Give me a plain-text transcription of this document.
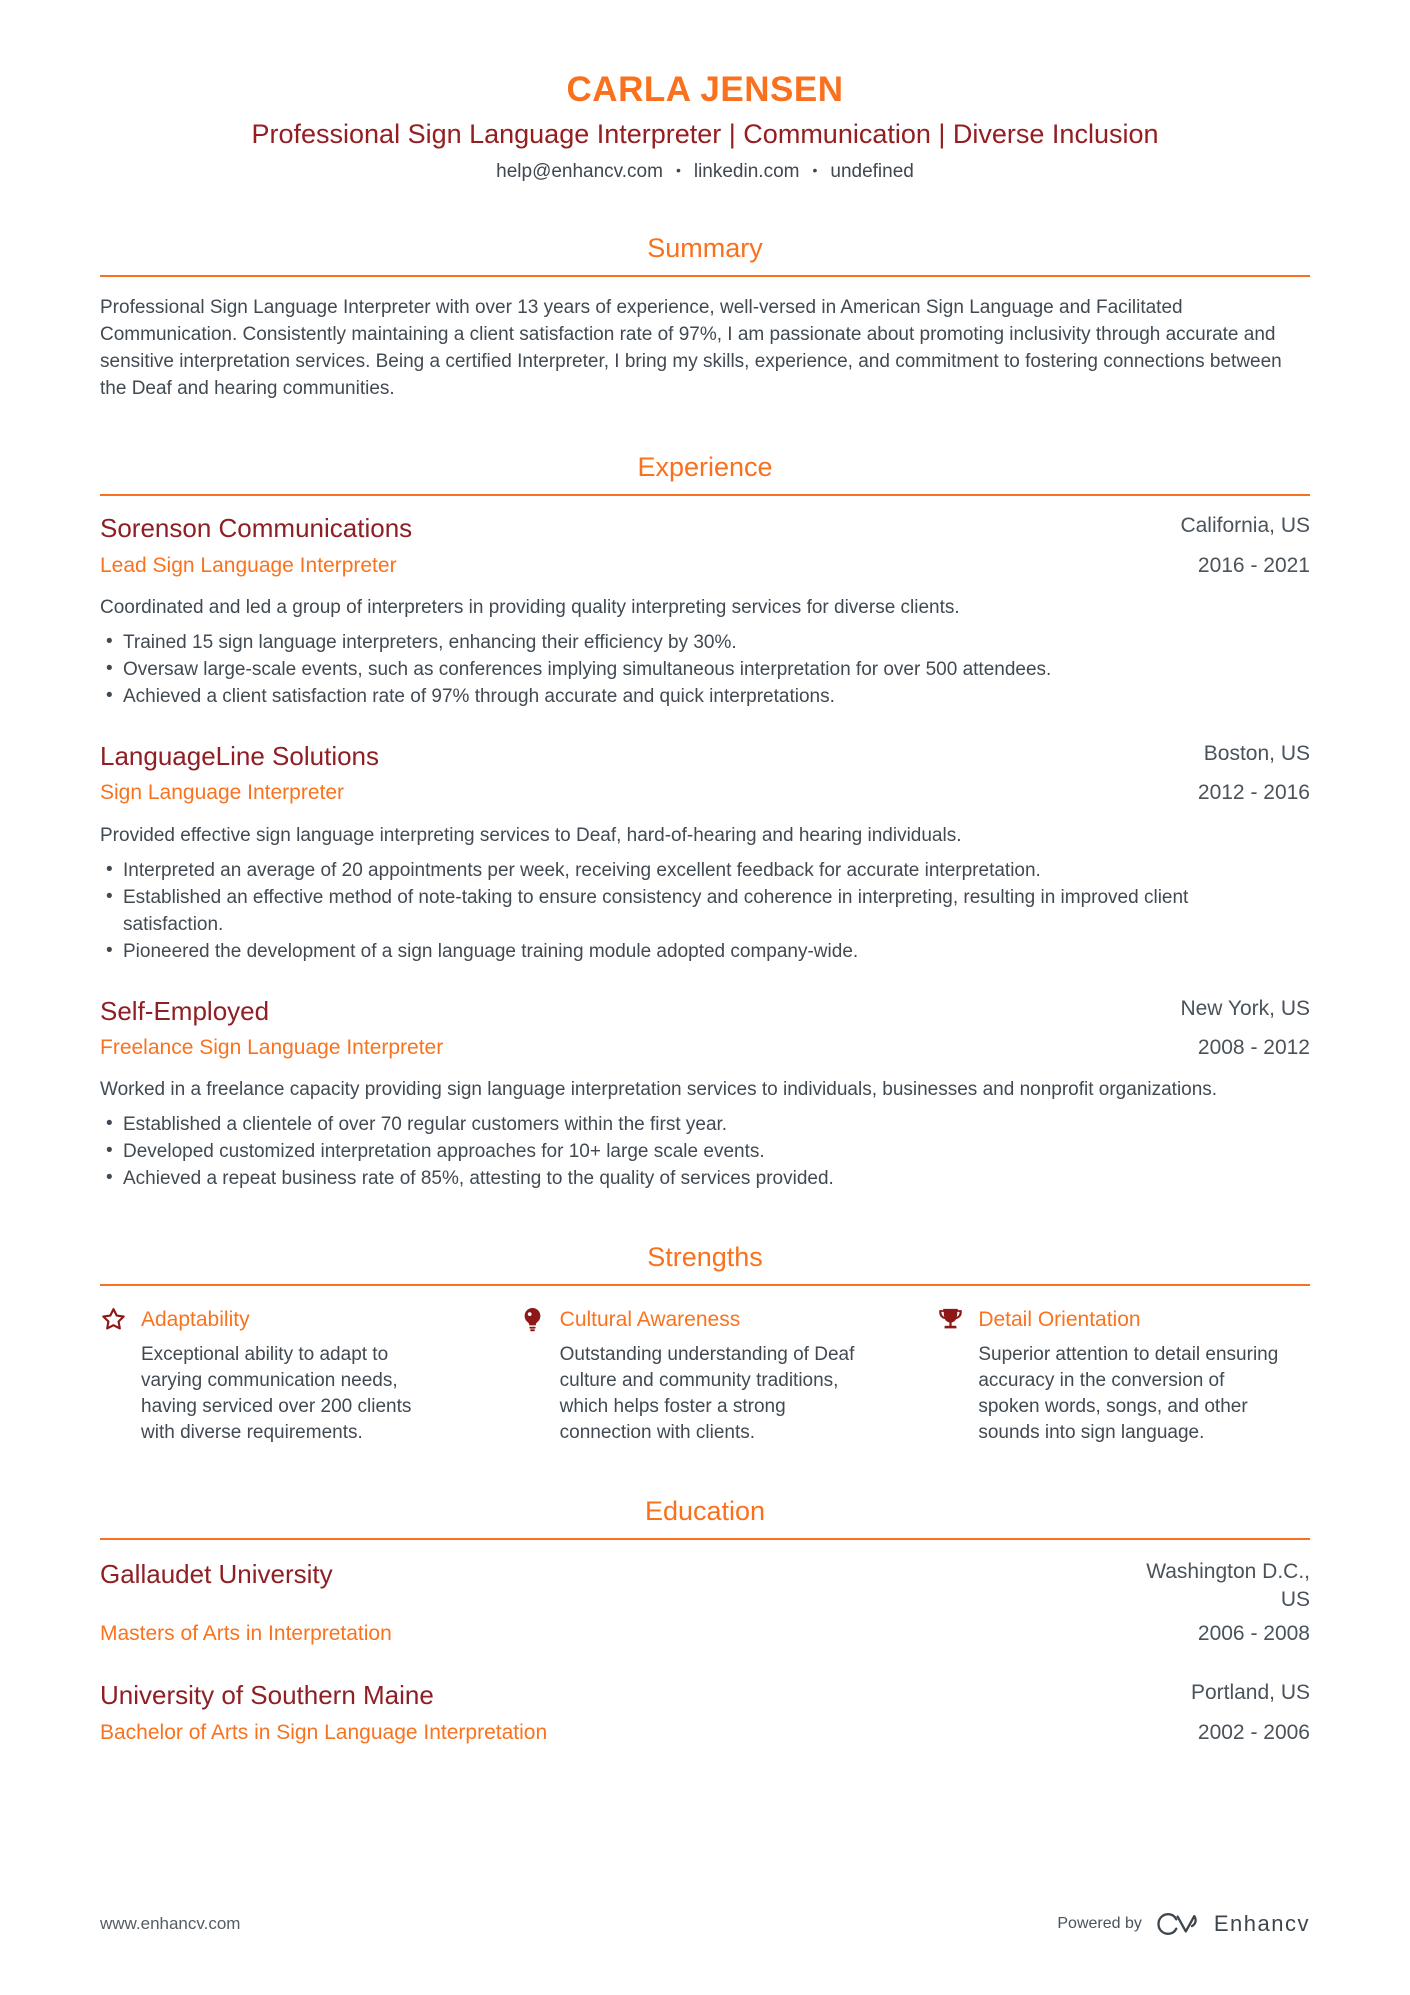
CARLA JENSEN
Professional Sign Language Interpreter | Communication | Diverse Inclusion
help@enhancv.com • linkedin.com • undefined
Summary

Professional Sign Language Interpreter with over 13 years of experience, well-versed in American Sign Language and Facilitated Communication. Consistently maintaining a client satisfaction rate of 97%, I am passionate about promoting inclusivity through accurate and sensitive interpretation services. Being a certified Interpreter, I bring my skills, experience, and commitment to fostering connections between the Deaf and hearing communities.

Experience
Sorenson Communications	California, US
Lead Sign Language Interpreter	2016 - 2021

Coordinated and led a group of interpreters in providing quality interpreting services for diverse clients.

• Trained 15 sign language interpreters, enhancing their efficiency by 30%.
• Oversaw large-scale events, such as conferences implying simultaneous interpretation for over 500 attendees.
• Achieved a client satisfaction rate of 97% through accurate and quick interpretations.
LanguageLine Solutions	Boston, US
Sign Language Interpreter	2012 - 2016

Provided effective sign language interpreting services to Deaf, hard-of-hearing and hearing individuals.

• Interpreted an average of 20 appointments per week, receiving excellent feedback for accurate interpretation.
• Established an effective method of note-taking to ensure consistency and coherence in interpreting, resulting in improved client satisfaction.
• Pioneered the development of a sign language training module adopted company-wide.
Self-Employed	New York, US
Freelance Sign Language Interpreter	2008 - 2012

Worked in a freelance capacity providing sign language interpretation services to individuals, businesses and nonprofit organizations.

• Established a clientele of over 70 regular customers within the first year.
• Developed customized interpretation approaches for 10+ large scale events.
• Achieved a repeat business rate of 85%, attesting to the quality of services provided.
Strengths
Adaptability

Exceptional ability to adapt to varying communication needs, having serviced over 200 clients with diverse requirements.

Cultural Awareness

Outstanding understanding of Deaf culture and community traditions, which helps foster a strong connection with clients.

Detail Orientation

Superior attention to detail ensuring accuracy in the conversion of spoken words, songs, and other sounds into sign language.

Education
Gallaudet University	Washington D.C., US
Masters of Arts in Interpretation	2006 - 2008
University of Southern Maine	Portland, US
Bachelor of Arts in Sign Language Interpretation	2002 - 2006
www.enhancv.com	Powered by	Enhancv
